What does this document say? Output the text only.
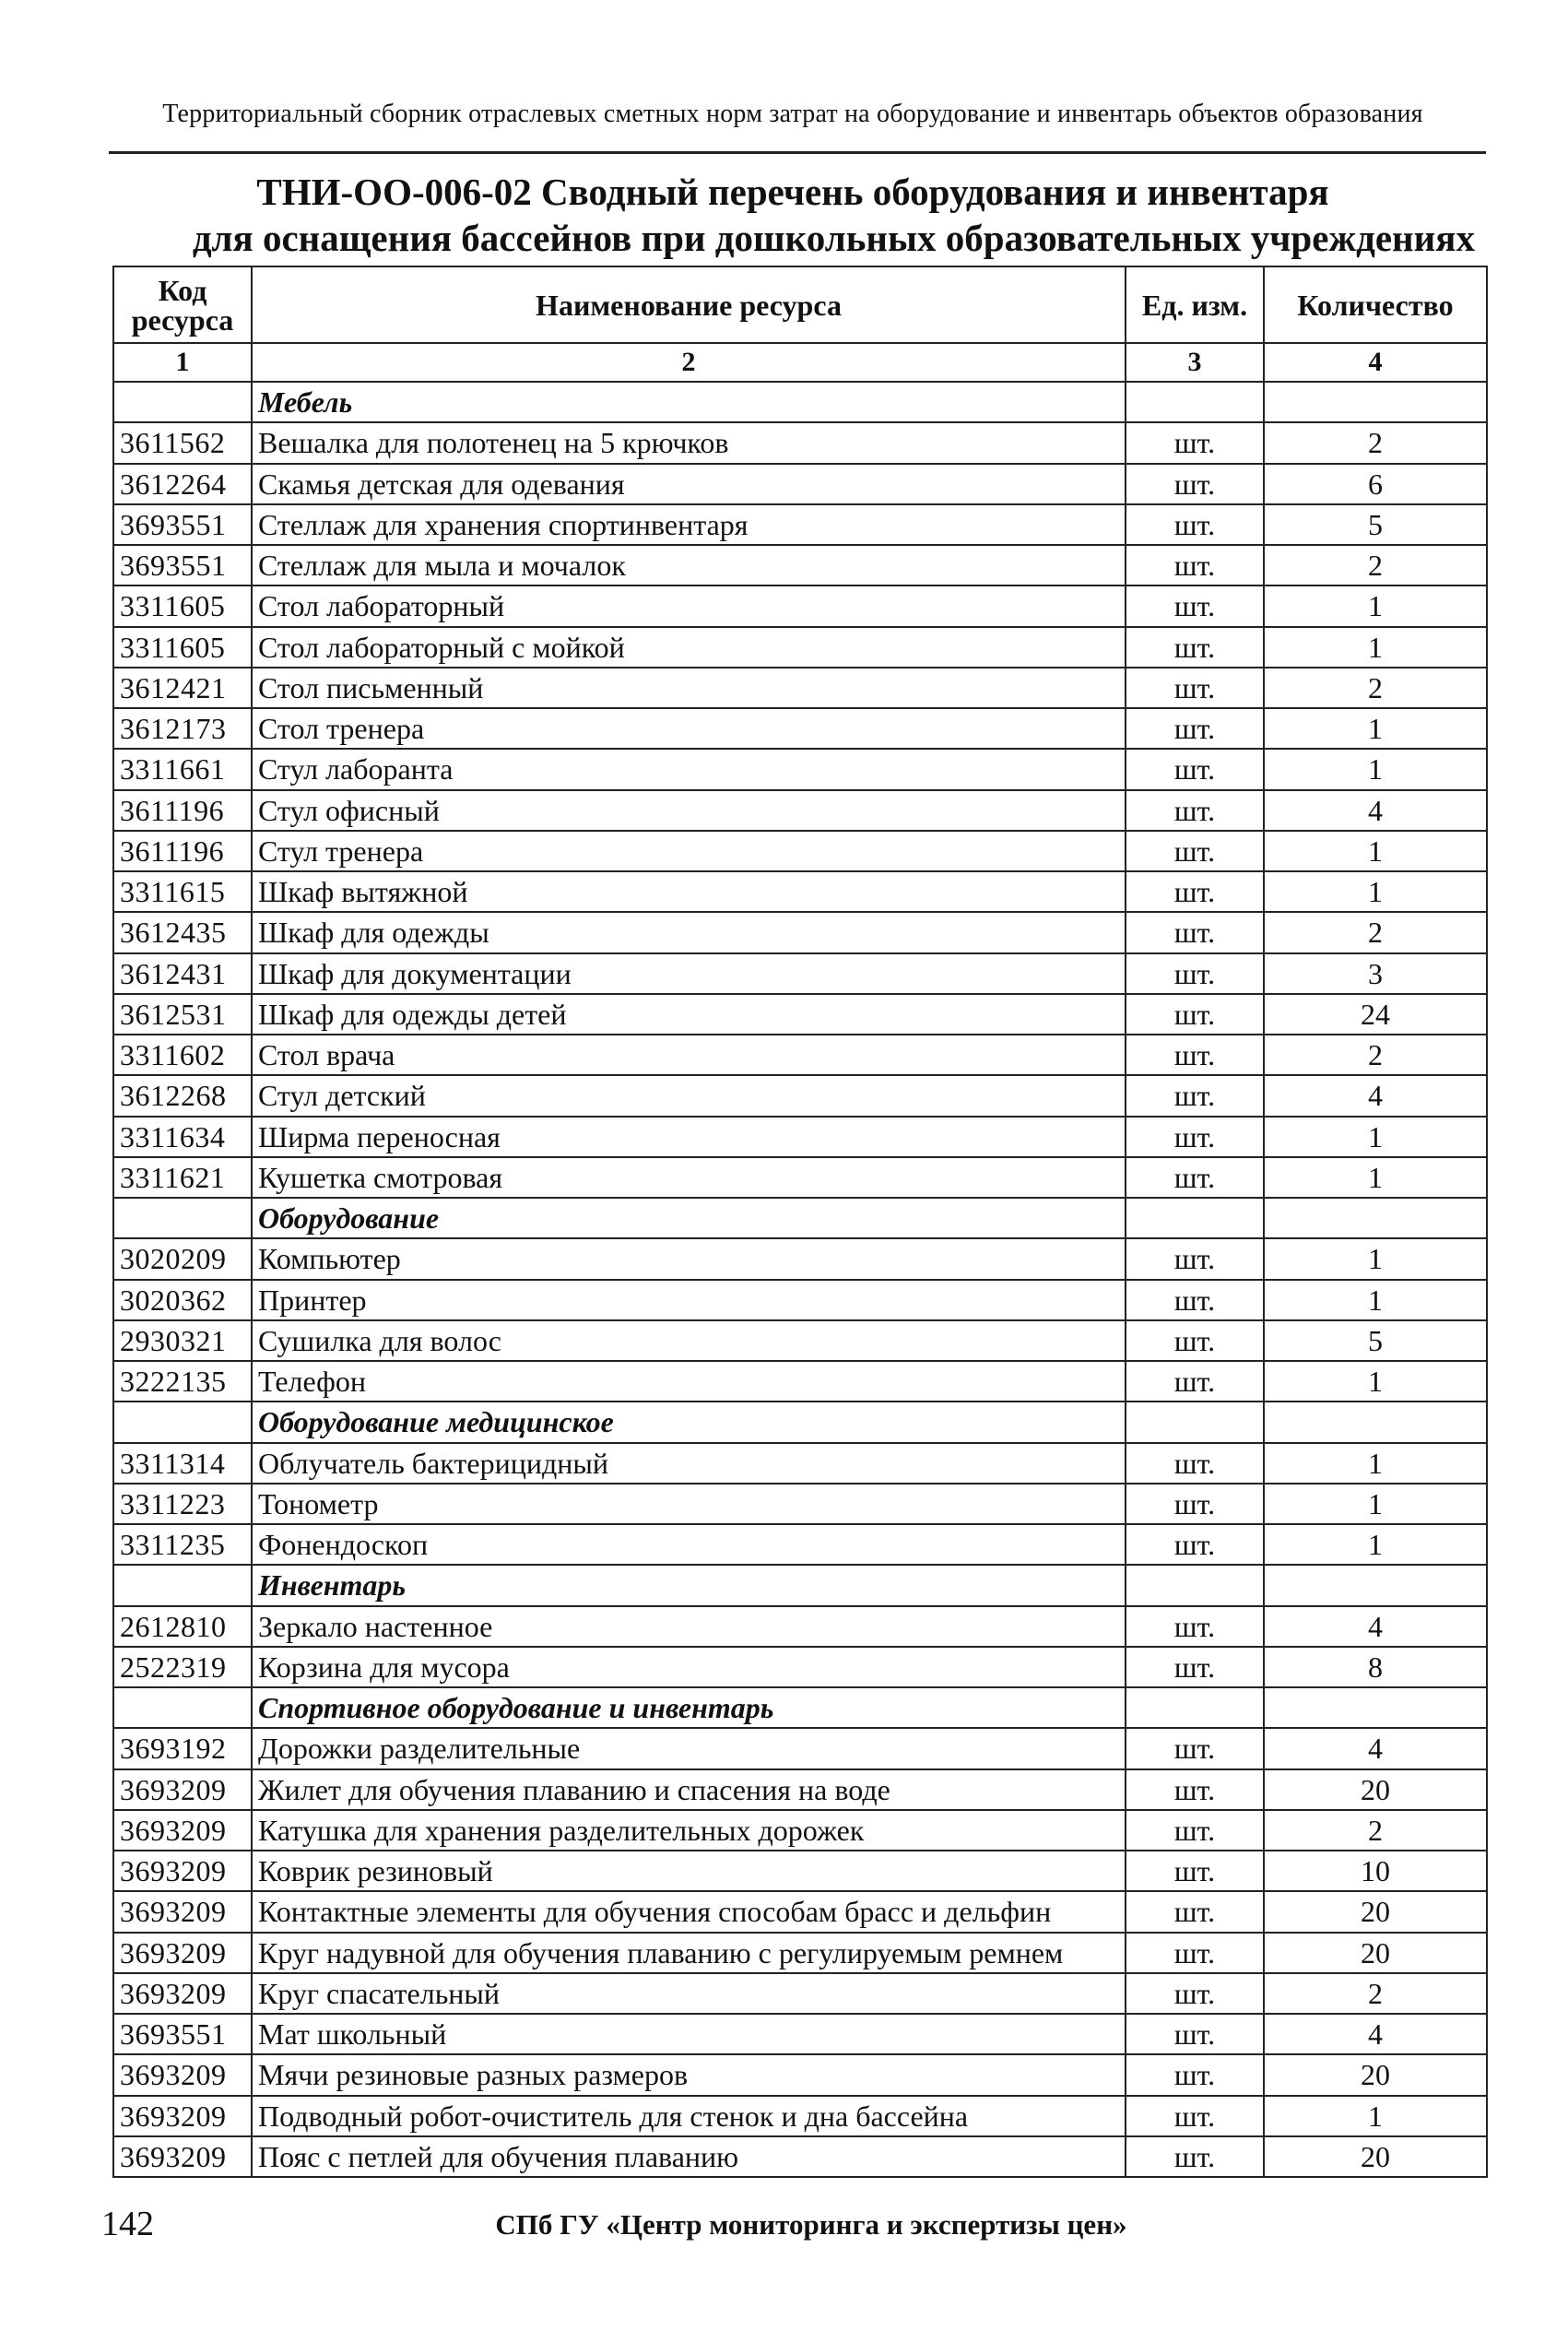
Территориальный сборник отраслевых сметных норм затрат на оборудование и инвентарь объектов образования
ТНИ-ОО-006-02 Сводный перечень оборудования и инвентаря
для оснащения бассейнов при дошкольных образовательных учреждениях
Код ресурса	Наименование ресурса	Ед. изм.	Количество
1	2	3	4
	Мебель		
3611562	Вешалка для полотенец на 5 крючков	шт.	2
3612264	Скамья детская для одевания	шт.	6
3693551	Стеллаж для хранения спортинвентаря	шт.	5
3693551	Стеллаж для мыла и мочалок	шт.	2
3311605	Стол лабораторный	шт.	1
3311605	Стол лабораторный с мойкой	шт.	1
3612421	Стол письменный	шт.	2
3612173	Стол тренера	шт.	1
3311661	Стул лаборанта	шт.	1
3611196	Стул офисный	шт.	4
3611196	Стул тренера	шт.	1
3311615	Шкаф вытяжной	шт.	1
3612435	Шкаф для одежды	шт.	2
3612431	Шкаф для документации	шт.	3
3612531	Шкаф для одежды детей	шт.	24
3311602	Стол врача	шт.	2
3612268	Стул детский	шт.	4
3311634	Ширма переносная	шт.	1
3311621	Кушетка смотровая	шт.	1
	Оборудование		
3020209	Компьютер	шт.	1
3020362	Принтер	шт.	1
2930321	Сушилка для волос	шт.	5
3222135	Телефон	шт.	1
	Оборудование медицинское		
3311314	Облучатель бактерицидный	шт.	1
3311223	Тонометр	шт.	1
3311235	Фонендоскоп	шт.	1
	Инвентарь		
2612810	Зеркало настенное	шт.	4
2522319	Корзина для мусора	шт.	8
	Спортивное оборудование и инвентарь		
3693192	Дорожки разделительные	шт.	4
3693209	Жилет для обучения плаванию и спасения на воде	шт.	20
3693209	Катушка для хранения разделительных дорожек	шт.	2
3693209	Коврик резиновый	шт.	10
3693209	Контактные элементы для обучения способам брасс и дельфин	шт.	20
3693209	Круг надувной для обучения плаванию с регулируемым ремнем	шт.	20
3693209	Круг спасательный	шт.	2
3693551	Мат школьный	шт.	4
3693209	Мячи резиновые разных размеров	шт.	20
3693209	Подводный робот-очиститель для стенок и дна бассейна	шт.	1
3693209	Пояс с петлей для обучения плаванию	шт.	20
142	СПб ГУ «Центр мониторинга и экспертизы цен»
